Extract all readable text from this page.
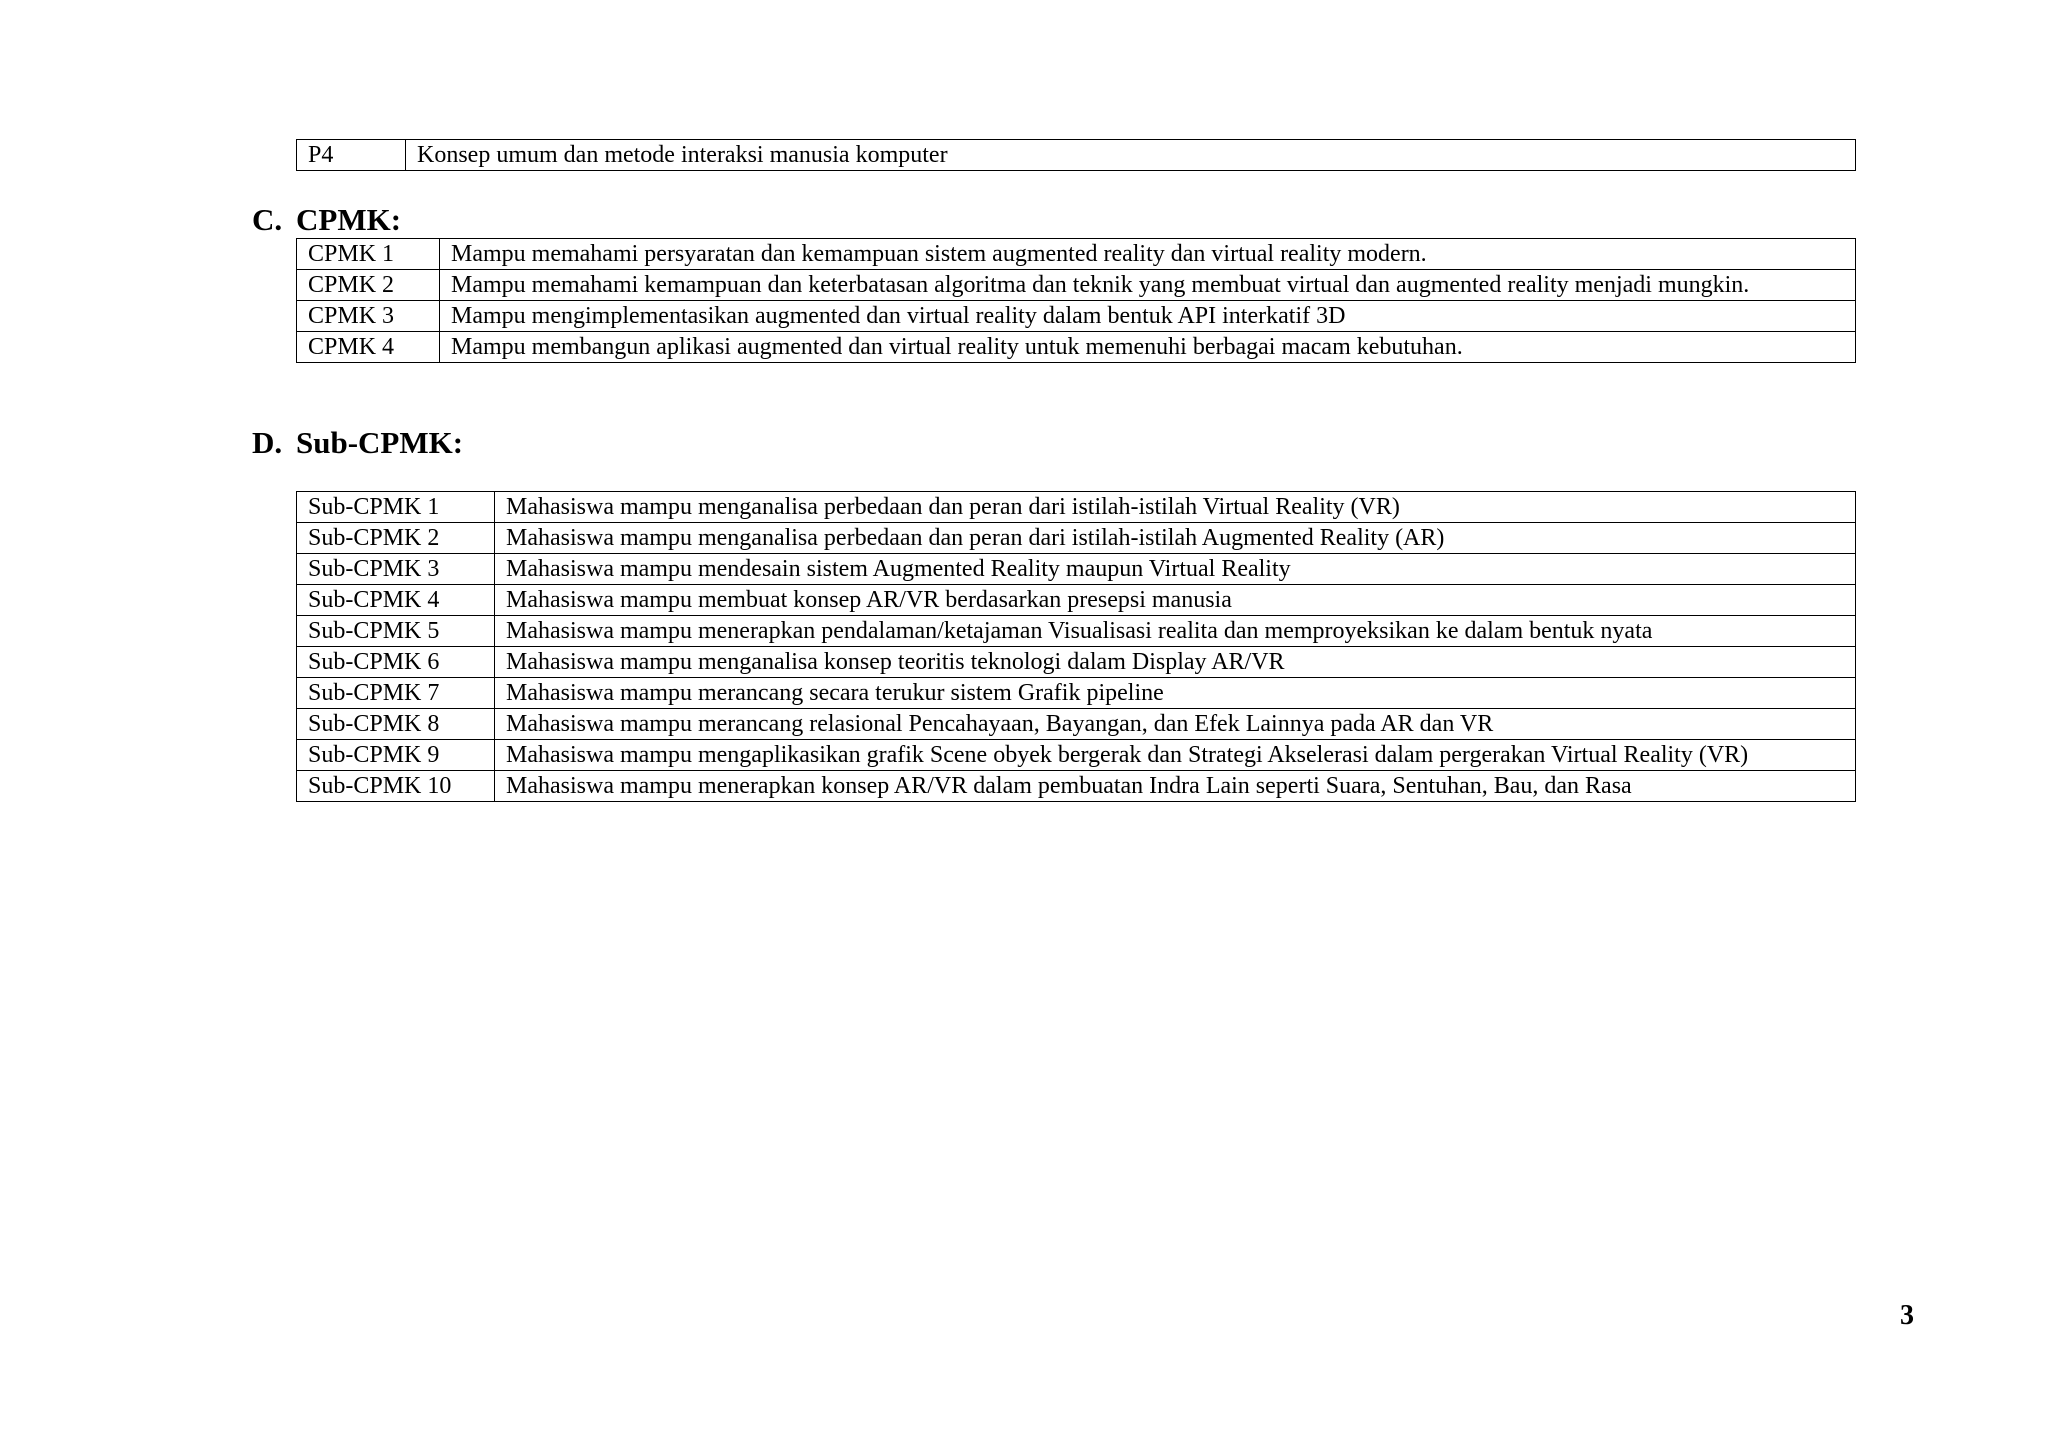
P4	Konsep umum dan metode interaksi manusia komputer
C. CPMK:
CPMK 1	Mampu memahami persyaratan dan kemampuan sistem augmented reality dan virtual reality modern.
CPMK 2	Mampu memahami kemampuan dan keterbatasan algoritma dan teknik yang membuat virtual dan augmented reality menjadi mungkin.
CPMK 3	Mampu mengimplementasikan augmented dan virtual reality dalam bentuk API interkatif 3D
CPMK 4	Mampu membangun aplikasi augmented dan virtual reality untuk memenuhi berbagai macam kebutuhan.
D. Sub-CPMK:
Sub-CPMK 1	Mahasiswa mampu menganalisa perbedaan dan peran dari istilah-istilah Virtual Reality (VR)
Sub-CPMK 2	Mahasiswa mampu menganalisa perbedaan dan peran dari istilah-istilah Augmented Reality (AR)
Sub-CPMK 3	Mahasiswa mampu mendesain sistem Augmented Reality maupun Virtual Reality
Sub-CPMK 4	Mahasiswa mampu membuat konsep AR/VR berdasarkan presepsi manusia
Sub-CPMK 5	Mahasiswa mampu menerapkan pendalaman/ketajaman Visualisasi realita dan memproyeksikan ke dalam bentuk nyata
Sub-CPMK 6	Mahasiswa mampu menganalisa konsep teoritis teknologi dalam Display AR/VR
Sub-CPMK 7	Mahasiswa mampu merancang secara terukur sistem Grafik pipeline
Sub-CPMK 8	Mahasiswa mampu merancang relasional Pencahayaan, Bayangan, dan Efek Lainnya pada AR dan VR
Sub-CPMK 9	Mahasiswa mampu mengaplikasikan grafik Scene obyek bergerak dan Strategi Akselerasi dalam pergerakan Virtual Reality (VR)
Sub-CPMK 10	Mahasiswa mampu menerapkan konsep AR/VR dalam pembuatan Indra Lain seperti Suara, Sentuhan, Bau, dan Rasa
3
